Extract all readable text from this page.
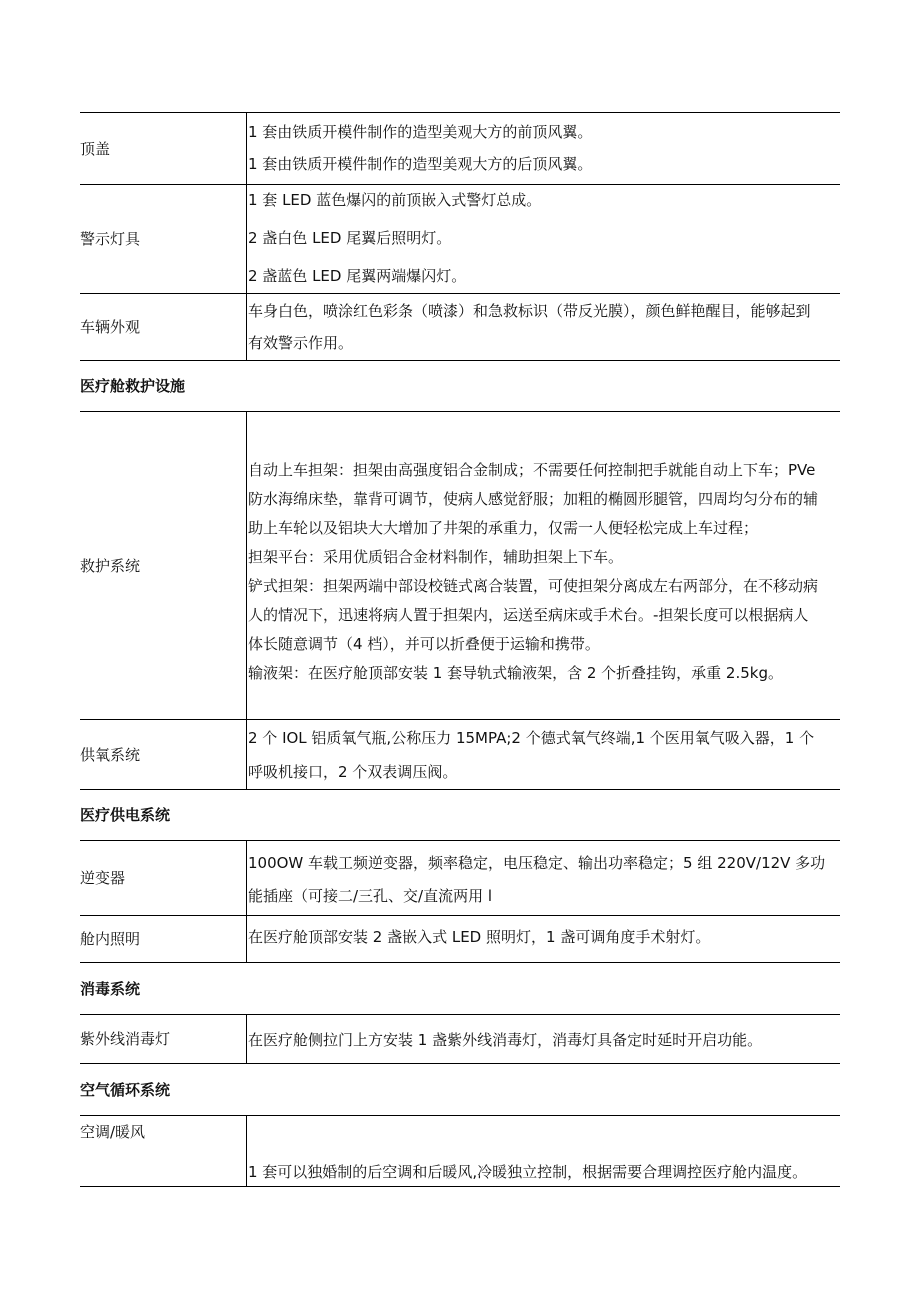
顶盖

1 套由铁质开模件制作的造型美观大方的前顶风翼。

1 套由铁质开模件制作的造型美观大方的后顶风翼。

警示灯具

1 套 LED 蓝色爆闪的前顶嵌入式警灯总成。

2 盏白色 LED 尾翼后照明灯。

2 盏蓝色 LED 尾翼两端爆闪灯。

车辆外观

车身白色，喷涂红色彩条（喷漆）和急救标识（带反光膜），颜色鲜艳醒目，能够起到

有效警示作用。

医疗舱救护设施
救护系统

自动上车担架：担架由高强度铝合金制成；不需要任何控制把手就能自动上下车；PVe

防水海绵床垫，靠背可调节，使病人感觉舒服；加粗的椭圆形腿管，四周均匀分布的辅

助上车轮以及铝块大大增加了井架的承重力，仅需一人便轻松完成上车过程；

担架平台：采用优质铝合金材料制作，辅助担架上下车。

铲式担架：担架两端中部设校链式离合装置，可使担架分离成左右两部分，在不移动病

人的情况下，迅速将病人置于担架内，运送至病床或手术台。-担架长度可以根据病人

体长随意调节（4 档），并可以折叠便于运输和携带。

输液架：在医疗舱顶部安装 1 套导轨式输液架，含 2 个折叠挂钩，承重 2.5kg。

供氧系统

2 个 IOL 铝质氧气瓶,公称压力 15MPA;2 个德式氧气终端,1 个医用氧气吸入器，1 个

呼吸机接口，2 个双表调压阀。

医疗供电系统
逆变器

100OW 车载工频逆变器，频率稳定，电压稳定、输出功率稳定；5 组 220V/12V 多功

能插座（可接二/三孔、交/直流两用 l

舱内照明	在医疗舱顶部安装 2 盏嵌入式 LED 照明灯，1 盏可调角度手术射灯。

消毒系统
紫外线消毒灯	在医疗舱侧拉门上方安装 1 盏紫外线消毒灯，消毒灯具备定时延时开启功能。

空气循环系统
空调/暖风

1 套可以独婚制的后空调和后暖风,冷暖独立控制，根据需要合理调控医疗舱内温度。
